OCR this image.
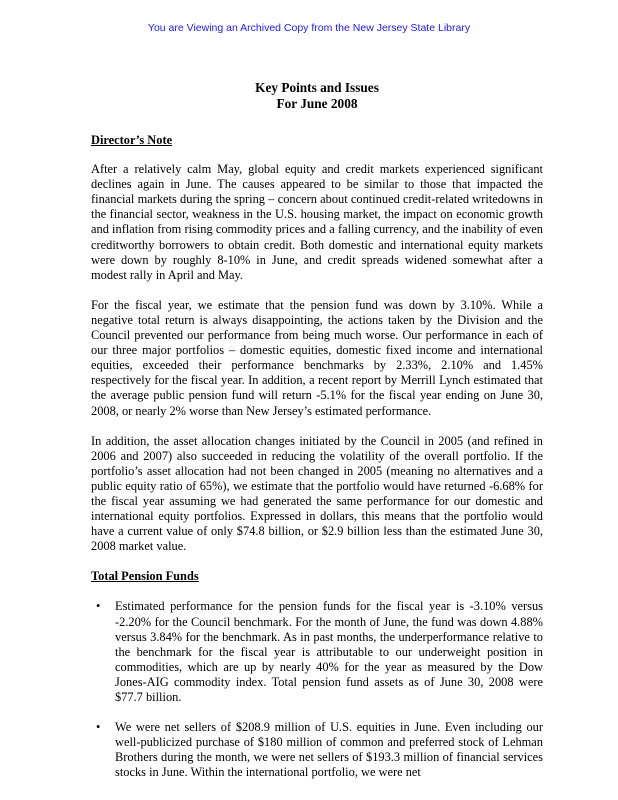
You are Viewing an Archived Copy from the New Jersey State Library
Key Points and Issues
For June 2008
Director’s Note

After a relatively calm May, global equity and credit markets experienced significant declines again in June. The causes appeared to be similar to those that impacted the financial markets during the spring – concern about continued credit-related writedowns in the financial sector, weakness in the U.S. housing market, the impact on economic growth and inflation from rising commodity prices and a falling currency, and the inability of even creditworthy borrowers to obtain credit. Both domestic and international equity markets were down by roughly 8-10% in June, and credit spreads widened somewhat after a modest rally in April and May.

For the fiscal year, we estimate that the pension fund was down by 3.10%. While a negative total return is always disappointing, the actions taken by the Division and the Council prevented our performance from being much worse. Our performance in each of our three major portfolios – domestic equities, domestic fixed income and international equities, exceeded their performance benchmarks by 2.33%, 2.10% and 1.45% respectively for the fiscal year. In addition, a recent report by Merrill Lynch estimated that the average public pension fund will return -5.1% for the fiscal year ending on June 30, 2008, or nearly 2% worse than New Jersey’s estimated performance.

In addition, the asset allocation changes initiated by the Council in 2005 (and refined in 2006 and 2007) also succeeded in reducing the volatility of the overall portfolio. If the portfolio’s asset allocation had not been changed in 2005 (meaning no alternatives and a public equity ratio of 65%), we estimate that the portfolio would have returned -6.68% for the fiscal year assuming we had generated the same performance for our domestic and international equity portfolios. Expressed in dollars, this means that the portfolio would have a current value of only $74.8 billion, or $2.9 billion less than the estimated June 30, 2008 market value.

Total Pension Funds
• Estimated performance for the pension funds for the fiscal year is -3.10% versus -2.20% for the Council benchmark. For the month of June, the fund was down 4.88% versus 3.84% for the benchmark. As in past months, the underperformance relative to the benchmark for the fiscal year is attributable to our underweight position in commodities, which are up by nearly 40% for the year as measured by the Dow Jones-AIG commodity index. Total pension fund assets as of June 30, 2008 were $77.7 billion.
• We were net sellers of $208.9 million of U.S. equities in June. Even including our well-publicized purchase of $180 million of common and preferred stock of Lehman Brothers during the month, we were net sellers of $193.3 million of financial services stocks in June. Within the international portfolio, we were net
